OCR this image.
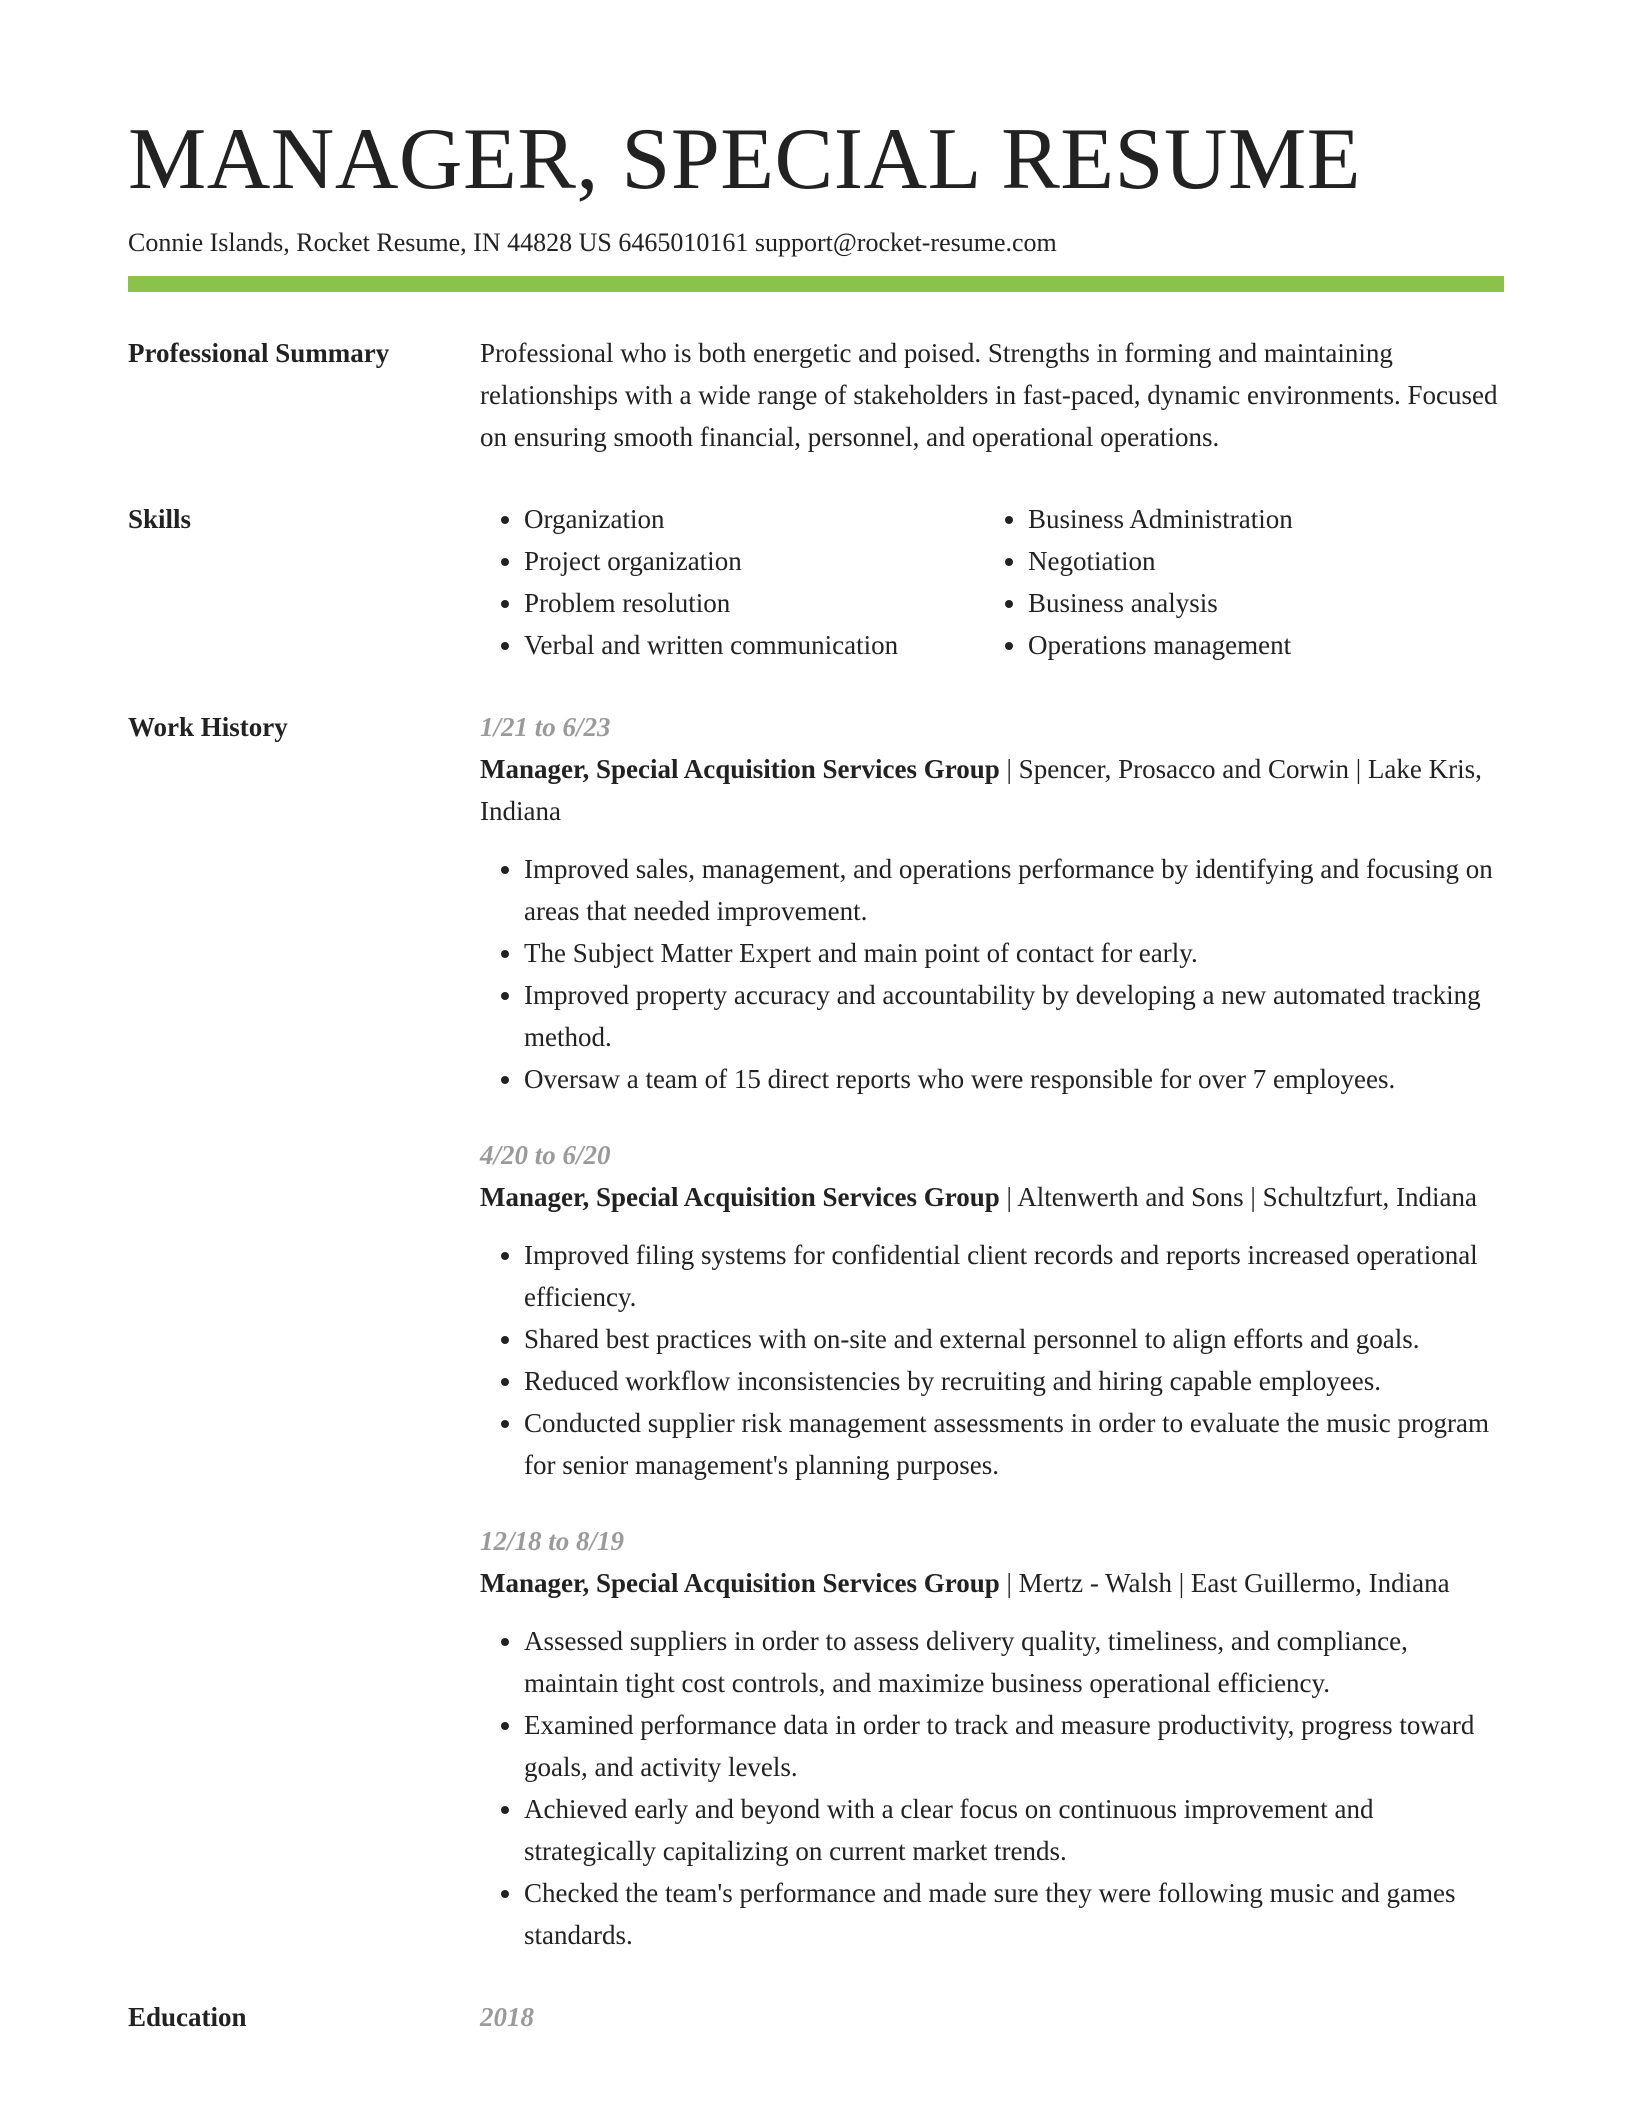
MANAGER, SPECIAL RESUME
Connie Islands, Rocket Resume, IN 44828 US 6465010161 support@rocket-resume.com
Professional Summary	Professional who is both energetic and poised. Strengths in forming and maintaining relationships with a wide range of stakeholders in fast-paced, dynamic environments. Focused on ensuring smooth financial, personnel, and operational operations.
Skills
•	Organization
• Project organization
• Problem resolution
• Verbal and written communication
• Business Administration
• Negotiation
• Business analysis
• Operations management
Work History	1/21 to 6/23
Manager, Special Acquisition Services Group | Spencer, Prosacco and Corwin | Lake Kris, Indiana
• Improved sales, management, and operations performance by identifying and focusing on areas that needed improvement.
• The Subject Matter Expert and main point of contact for early.
• Improved property accuracy and accountability by developing a new automated tracking method.
• Oversaw a team of 15 direct reports who were responsible for over 7 employees.
4/20 to 6/20
Manager, Special Acquisition Services Group | Altenwerth and Sons | Schultzfurt, Indiana
• Improved filing systems for confidential client records and reports increased operational efficiency.
• Shared best practices with on-site and external personnel to align efforts and goals.
• Reduced workflow inconsistencies by recruiting and hiring capable employees.
• Conducted supplier risk management assessments in order to evaluate the music program for senior management's planning purposes.
12/18 to 8/19
Manager, Special Acquisition Services Group | Mertz - Walsh | East Guillermo, Indiana
• Assessed suppliers in order to assess delivery quality, timeliness, and compliance, maintain tight cost controls, and maximize business operational efficiency.
• Examined performance data in order to track and measure productivity, progress toward goals, and activity levels.
• Achieved early and beyond with a clear focus on continuous improvement and strategically capitalizing on current market trends.
• Checked the team's performance and made sure they were following music and games standards.
Education	2018
